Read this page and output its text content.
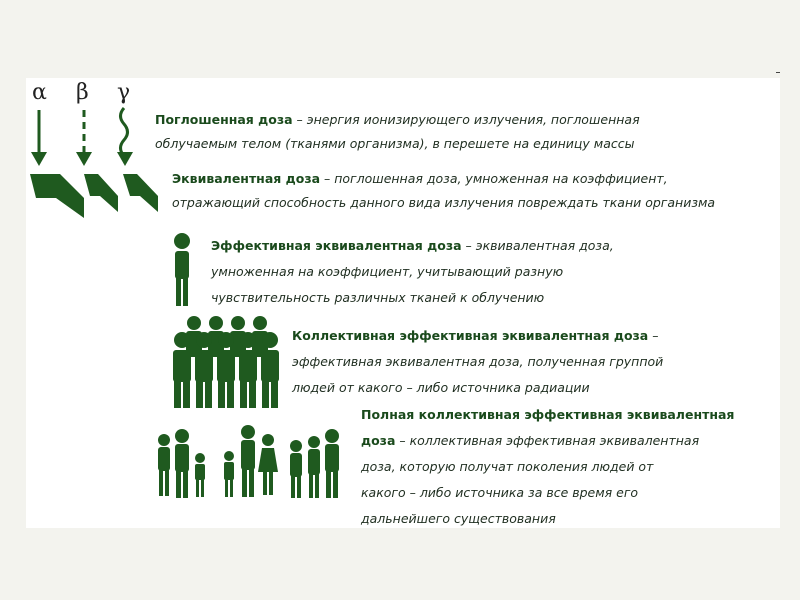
α β γ
Поглошенная доза – энергия ионизирующего излучения, поглошенная
облучаемым телом (тканями организма), в перешете на единицу массы
Эквивалентная доза – поглошенная доза, умноженная на коэффициент,
отражающий способность данного вида излучения повреждать ткани организма
Эффективная эквивалентная доза – эквивалентная доза,
умноженная на коэффициент, учитывающий разную
чувствительность различных тканей к облучению
Коллективная эффективная эквивалентная доза –
эффективная эквивалентная доза, полученная группой
людей от какого – либо источника радиации
Полная коллективная эффективная эквивалентная
доза – коллективная эффективная эквивалентная
доза, которую получат поколения людей от
какого – либо источника за все время его
дальнейшего существования
